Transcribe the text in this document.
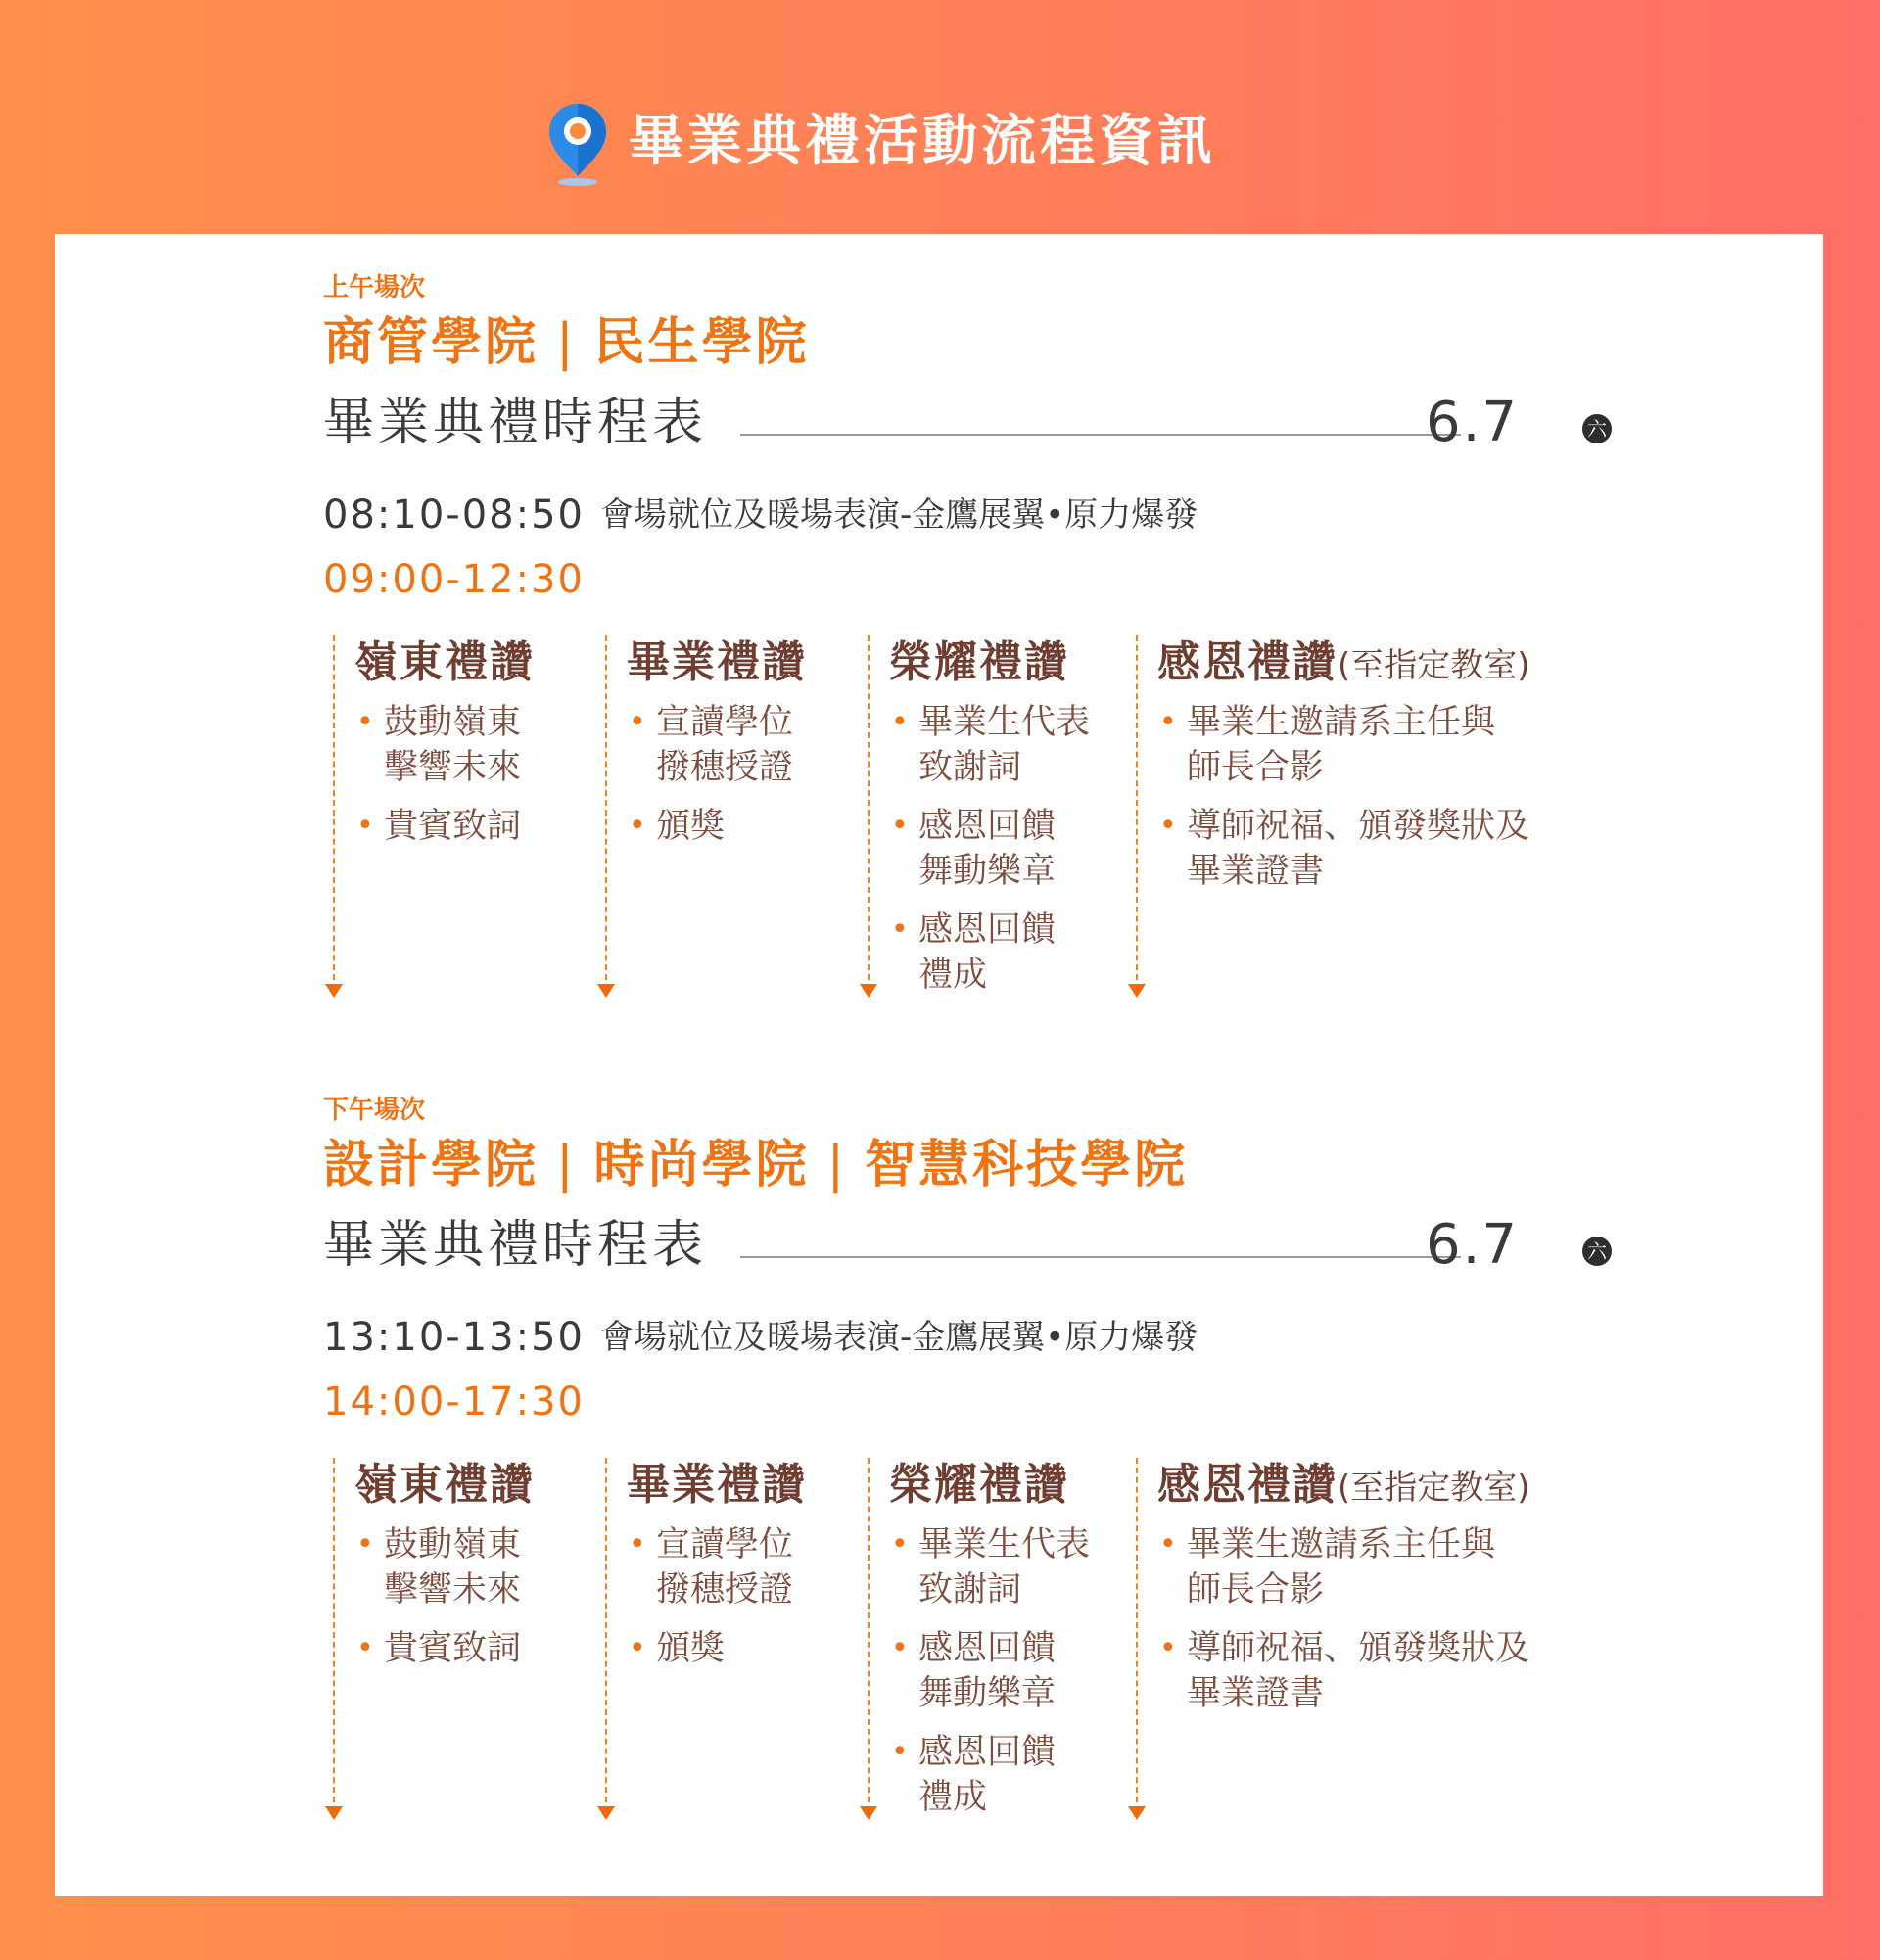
畢業典禮活動流程資訊
上午場次
商管學院 | 民生學院
畢業典禮時程表	6.7	六
08:10-08:50 會場就位及暖場表演-金鷹展翼•原力爆發
09:00-12:30
嶺東禮讚
• 鼓動嶺東
擊響未來
• 貴賓致詞
畢業禮讚
• 宣讀學位
撥穗授證
• 頒獎
榮耀禮讚
• 畢業生代表
致謝詞
• 感恩回饋
舞動樂章
• 感恩回饋
禮成
感恩禮讚(至指定教室)
• 畢業生邀請系主任與
師長合影
• 導師祝福、頒發獎狀及
畢業證書
下午場次
設計學院 | 時尚學院 | 智慧科技學院
畢業典禮時程表	6.7	六
13:10-13:50 會場就位及暖場表演-金鷹展翼•原力爆發
14:00-17:30
嶺東禮讚
• 鼓動嶺東
擊響未來
• 貴賓致詞
畢業禮讚
• 宣讀學位
撥穗授證
• 頒獎
榮耀禮讚
• 畢業生代表
致謝詞
• 感恩回饋
舞動樂章
• 感恩回饋
禮成
感恩禮讚(至指定教室)
• 畢業生邀請系主任與
師長合影
• 導師祝福、頒發獎狀及
畢業證書
